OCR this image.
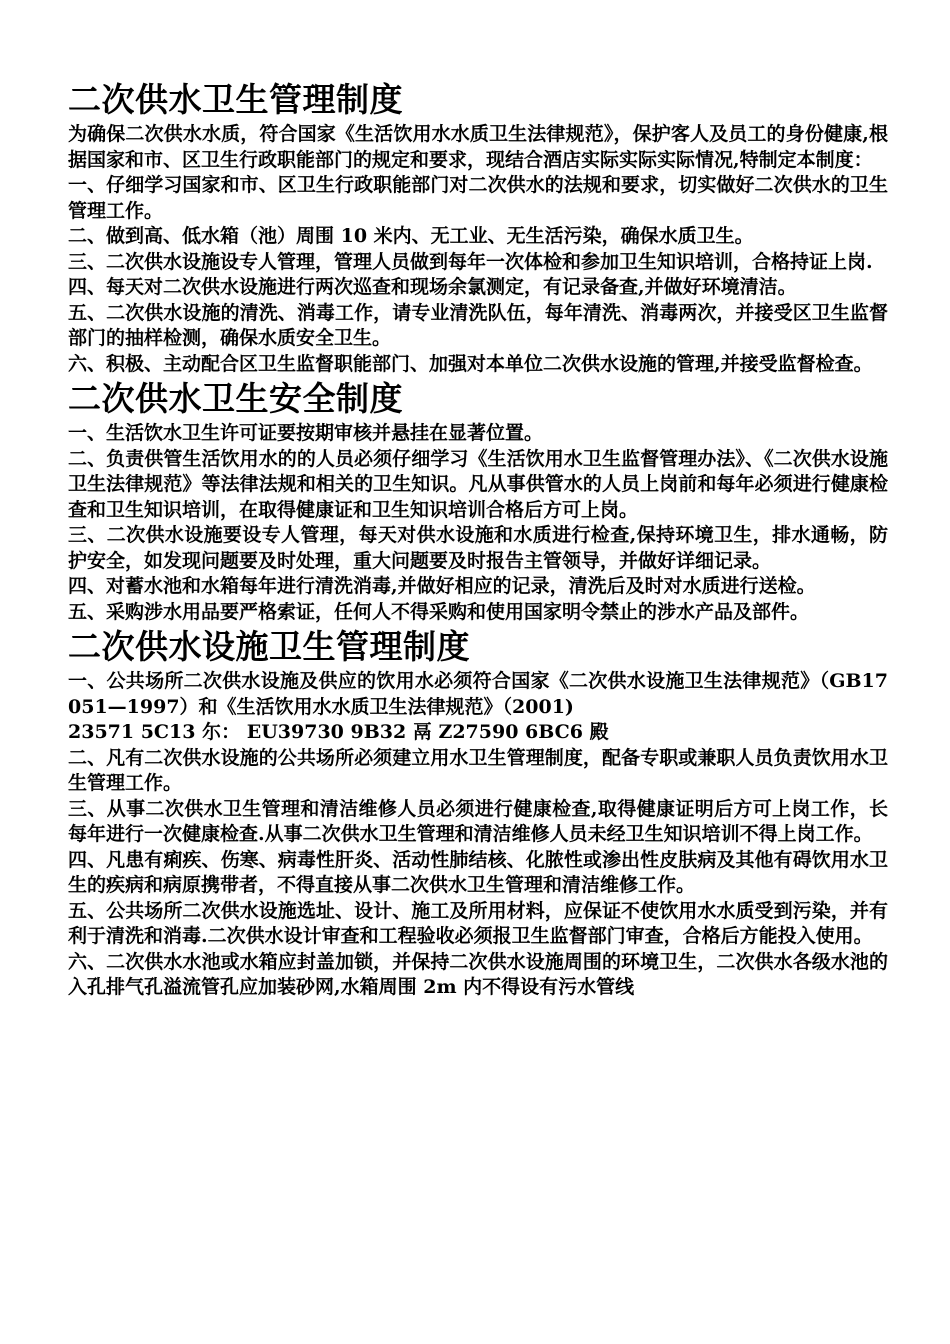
二次供水卫生管理制度

为确保二次供水水质，符合国家《生活饮用水水质卫生法律规范》，保护客人及员工的身份健康,根据国家和市、区卫生行政职能部门的规定和要求，现结合酒店实际实际实际情况,特制定本制度：

一、仔细学习国家和市、区卫生行政职能部门对二次供水的法规和要求，切实做好二次供水的卫生管理工作。

二、做到高、低水箱（池）周围 10 米内、无工业、无生活污染，确保水质卫生。

三、二次供水设施设专人管理，管理人员做到每年一次体检和参加卫生知识培训，合格持证上岗.

四、每天对二次供水设施进行两次巡查和现场余氯测定，有记录备查,并做好环境清洁。

五、二次供水设施的清洗、消毒工作，请专业清洗队伍，每年清洗、消毒两次，并接受区卫生监督部门的抽样检测，确保水质安全卫生。

六、积极、主动配合区卫生监督职能部门、加强对本单位二次供水设施的管理,并接受监督检查。

二次供水卫生安全制度

一、生活饮水卫生许可证要按期审核并悬挂在显著位置。

二、负责供管生活饮用水的的人员必须仔细学习《生活饮用水卫生监督管理办法》、《二次供水设施卫生法律规范》等法律法规和相关的卫生知识。凡从事供管水的人员上岗前和每年必须进行健康检查和卫生知识培训，在取得健康证和卫生知识培训合格后方可上岗。

三、二次供水设施要设专人管理，每天对供水设施和水质进行检查,保持环境卫生，排水通畅，防护安全，如发现问题要及时处理，重大问题要及时报告主管领导，并做好详细记录。

四、对蓄水池和水箱每年进行清洗消毒,并做好相应的记录，清洗后及时对水质进行送检。

五、采购涉水用品要严格索证，任何人不得采购和使用国家明令禁止的涉水产品及部件。

二次供水设施卫生管理制度

一、公共场所二次供水设施及供应的饮用水必须符合国家《二次供水设施卫生法律规范》（GB17051—1997）和《生活饮用水水质卫生法律规范》（2001)

23571 5C13 尓： EU39730 9B32 鬲 Z27590 6BC6 殿

二、凡有二次供水设施的公共场所必须建立用水卫生管理制度，配备专职或兼职人员负责饮用水卫生管理工作。

三、从事二次供水卫生管理和清洁维修人员必须进行健康检查,取得健康证明后方可上岗工作，长每年进行一次健康检查.从事二次供水卫生管理和清洁维修人员未经卫生知识培训不得上岗工作。

四、凡患有痢疾、伤寒、病毒性肝炎、活动性肺结核、化脓性或渗出性皮肤病及其他有碍饮用水卫生的疾病和病原携带者，不得直接从事二次供水卫生管理和清洁维修工作。

五、公共场所二次供水设施选址、设计、施工及所用材料，应保证不使饮用水水质受到污染，并有利于清洗和消毒.二次供水设计审查和工程验收必须报卫生监督部门审查，合格后方能投入使用。

六、二次供水水池或水箱应封盖加锁，并保持二次供水设施周围的环境卫生，二次供水各级水池的入孔排气孔溢流管孔应加装砂网,水箱周围 2m 内不得设有污水管线
